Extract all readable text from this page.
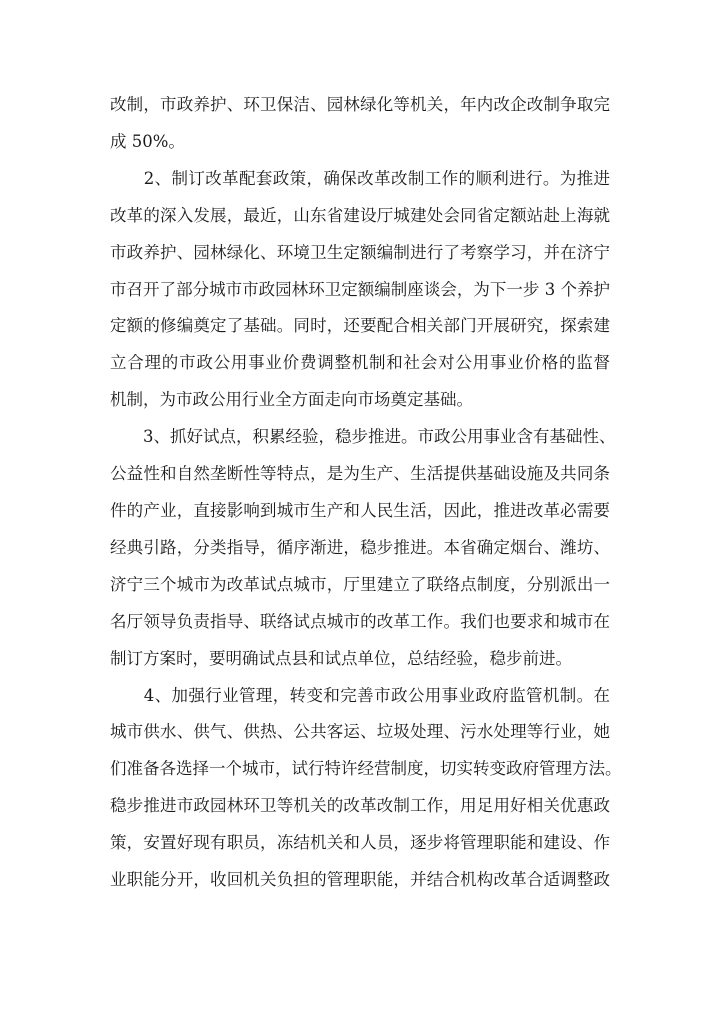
改制，市政养护、环卫保洁、园林绿化等机关，年内改企改制争取完
成 50%。
　　2、制订改革配套政策，确保改革改制工作的顺利进行。为推进
改革的深入发展，最近，山东省建设厅城建处会同省定额站赴上海就
市政养护、园林绿化、环境卫生定额编制进行了考察学习，并在济宁
市召开了部分城市市政园林环卫定额编制座谈会，为下一步 3 个养护
定额的修编奠定了基础。同时，还要配合相关部门开展研究，探索建
立合理的市政公用事业价费调整机制和社会对公用事业价格的监督
机制，为市政公用行业全方面走向市场奠定基础。
　　3、抓好试点，积累经验，稳步推进。市政公用事业含有基础性、
公益性和自然垄断性等特点，是为生产、生活提供基础设施及共同条
件的产业，直接影响到城市生产和人民生活，因此，推进改革必需要
经典引路，分类指导，循序渐进，稳步推进。本省确定烟台、潍坊、
济宁三个城市为改革试点城市，厅里建立了联络点制度，分别派出一
名厅领导负责指导、联络试点城市的改革工作。我们也要求和城市在
制订方案时，要明确试点县和试点单位，总结经验，稳步前进。
　　4、加强行业管理，转变和完善市政公用事业政府监管机制。在
城市供水、供气、供热、公共客运、垃圾处理、污水处理等行业，她
们准备各选择一个城市，试行特许经营制度，切实转变政府管理方法。
稳步推进市政园林环卫等机关的改革改制工作，用足用好相关优惠政
策，安置好现有职员，冻结机关和人员，逐步将管理职能和建设、作
业职能分开，收回机关负担的管理职能，并结合机构改革合适调整政
